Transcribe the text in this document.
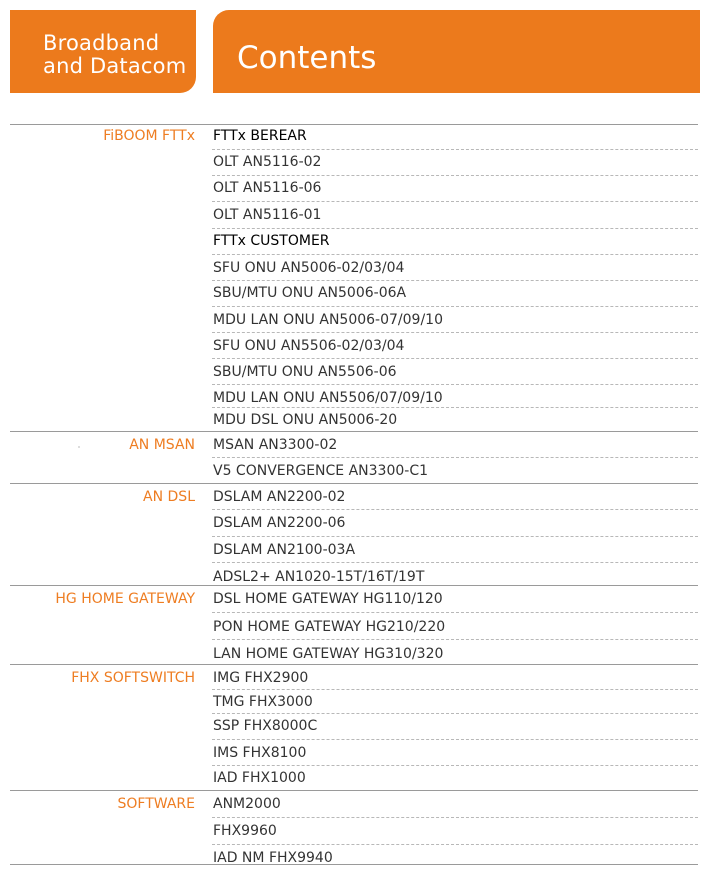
Broadband
and Datacom Contents
FiBOOM FTTx FTTx BEREAR
OLT AN5116-02
OLT AN5116-06
OLT AN5116-01
FTTx CUSTOMER
SFU ONU AN5006-02/03/04
SBU/MTU ONU AN5006-06A
MDU LAN ONU AN5006-07/09/10
SFU ONU AN5506-02/03/04
SBU/MTU ONU AN5506-06
MDU LAN ONU AN5506/07/09/10
MDU DSL ONU AN5006-20
AN MSAN MSAN AN3300-02
V5 CONVERGENCE AN3300-C1
AN DSL DSLAM AN2200-02
DSLAM AN2200-06
DSLAM AN2100-03A
ADSL2+ AN1020-15T/16T/19T
HG HOME GATEWAY DSL HOME GATEWAY HG110/120
PON HOME GATEWAY HG210/220
LAN HOME GATEWAY HG310/320
FHX SOFTSWITCH IMG FHX2900
TMG FHX3000
SSP FHX8000C
IMS FHX8100
IAD FHX1000
SOFTWARE ANM2000
FHX9960
IAD NM FHX9940
